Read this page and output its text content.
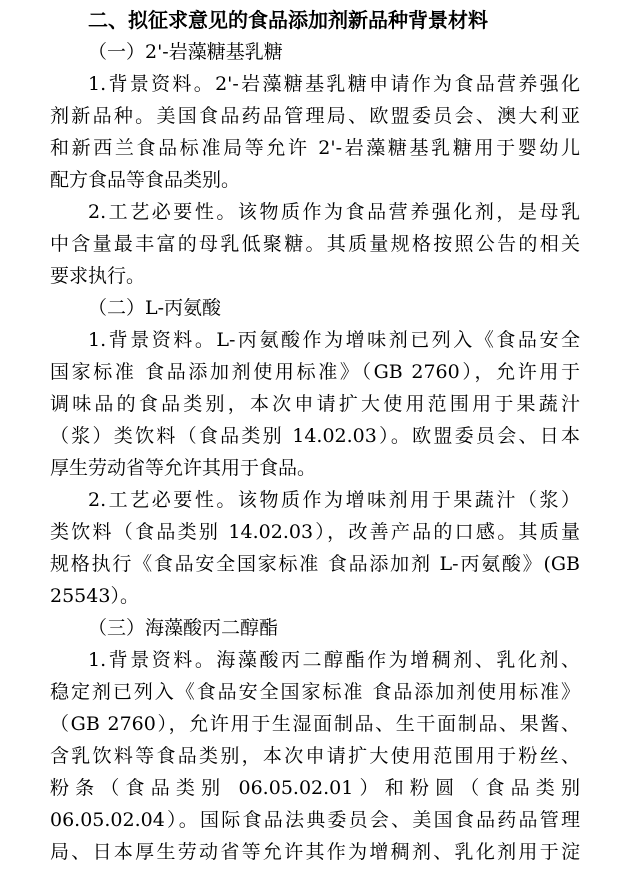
二、拟征求意见的食品添加剂新品种背景材料
（一）2'-岩藻糖基乳糖
1.背景资料。2'-岩藻糖基乳糖申请作为食品营养强化
剂新品种。美国食品药品管理局、欧盟委员会、澳大利亚
和新西兰食品标准局等允许 2'-岩藻糖基乳糖用于婴幼儿
配方食品等食品类别。
2.工艺必要性。该物质作为食品营养强化剂，是母乳
中含量最丰富的母乳低聚糖。其质量规格按照公告的相关
要求执行。
（二）L-丙氨酸
1.背景资料。L-丙氨酸作为增味剂已列入《食品安全
国家标准 食品添加剂使用标准》（GB 2760），允许用于
调味品的食品类别，本次申请扩大使用范围用于果蔬汁
（浆）类饮料（食品类别 14.02.03）。欧盟委员会、日本
厚生劳动省等允许其用于食品。
2.工艺必要性。该物质作为增味剂用于果蔬汁（浆）
类饮料（食品类别 14.02.03），改善产品的口感。其质量
规格执行《食品安全国家标准 食品添加剂 L-丙氨酸》(GB
25543）。
（三）海藻酸丙二醇酯
1.背景资料。海藻酸丙二醇酯作为增稠剂、乳化剂、
稳定剂已列入《食品安全国家标准 食品添加剂使用标准》
（GB 2760），允许用于生湿面制品、生干面制品、果酱、
含乳饮料等食品类别，本次申请扩大使用范围用于粉丝、
粉条（食品类别 06.05.02.01）和粉圆（食品类别
06.05.02.04）。国际食品法典委员会、美国食品药品管理
局、日本厚生劳动省等允许其作为增稠剂、乳化剂用于淀
